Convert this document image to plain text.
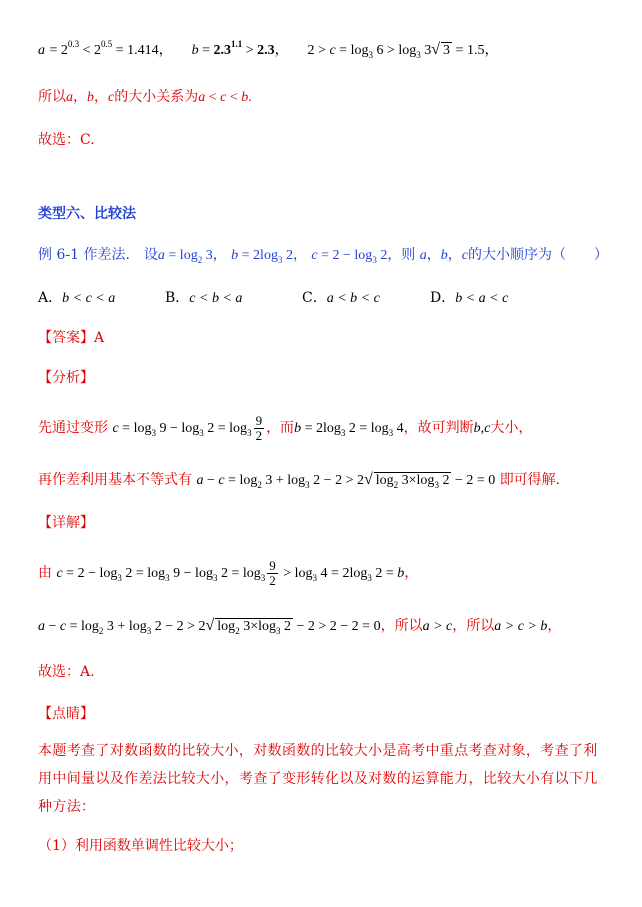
$a = 2^{0.3} < 2^{0.5} = 1.414$， $b = 2.3^{1.1} > 2.3$， $2 > c = \log_3 6 > \log_3 3√$ 3 = 1.5，
所以a，b，c的大小关系为a < c < b.
故选：C.
类型六、比较法
例 6-1 作差法． 设$a = \log_2 3$， $b = 2\log_3$ 2， $c = 2 - \log_3 2$，则 a，b，c的大小顺序为（　　）
A．b < c < a	B．c < b < a	C．a < b < c	D．b < a < c
【答案】A
【分析】
先通过变形 $c = \log_3 9 - \log_3 2 = \log_3 \frac{9}{2}$ ，而$b = 2\log_3$ $2 = \log_3 4$，故可判断b,c大小，
再作差利用基本不等式有 $a - c = \log_2 3 + \log_3 2 - 2 > 2√$ $\log_2 3\times\log_3$ 2 − 2 = 0 即可得解.
【详解】
由 $c = 2 - \log_3 2 = \log_3 9 - \log_3 2 = \log_3 \frac{9}{2} > \log_3 4 = 2\log_3$ 2 = b，
$a - c = \log_2 3 + \log_3 2 - 2 > 2√$ $\log_2 3\times\log_3$ 2 − 2 > 2 − 2 = 0，所以a > c，所以a > c > b，
故选：A.
【点睛】
本题考查了对数函数的比较大小，对数函数的比较大小是高考中重点考查对象，考查了利用中间量以及作差法比较大小，考查了变形转化以及对数的运算能力，比较大小有以下几种方法：
（1）利用函数单调性比较大小；
